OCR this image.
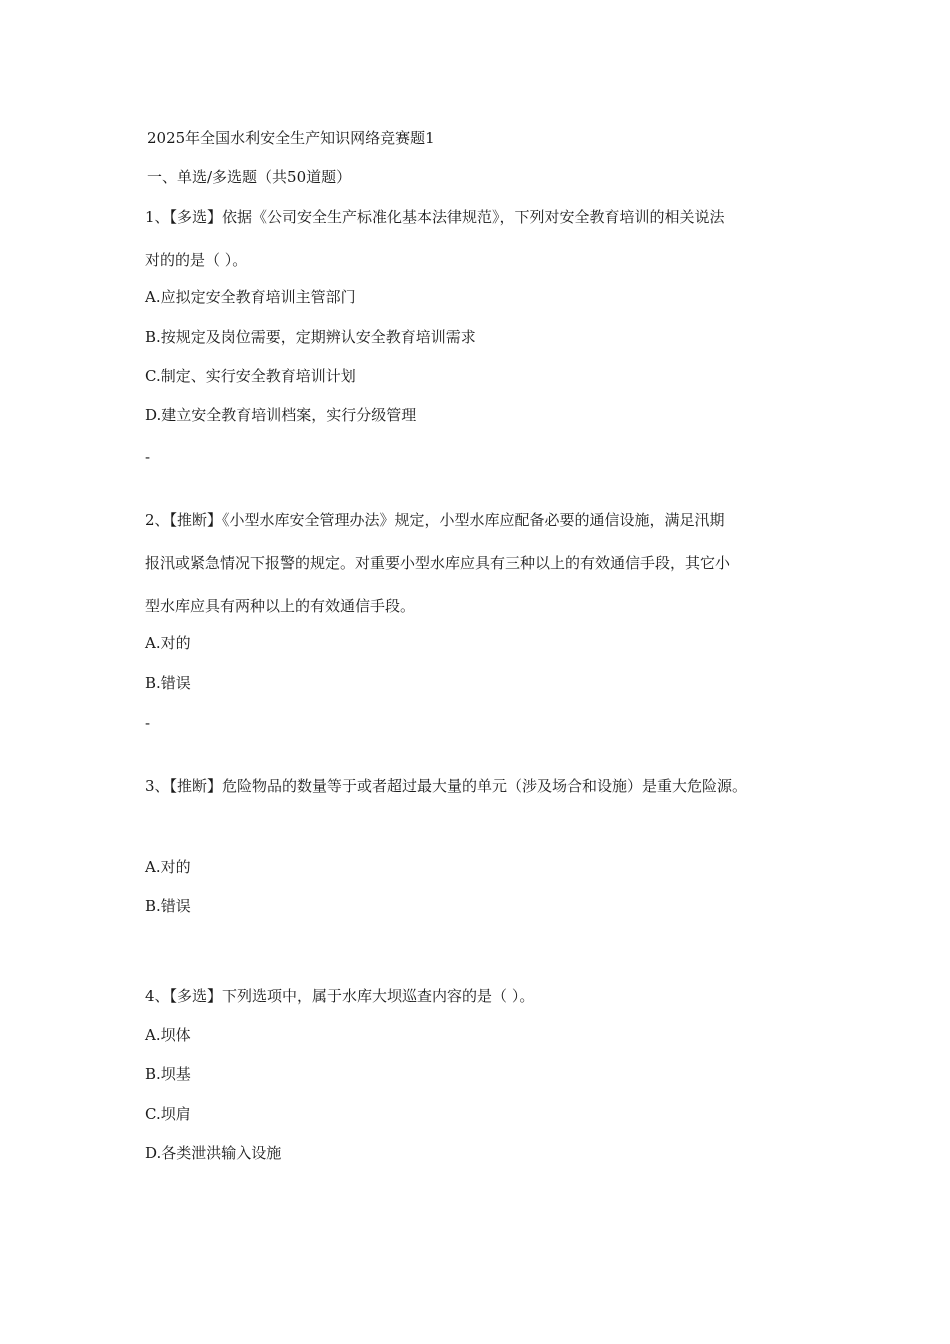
2025年全国水利安全生产知识网络竞赛题1
一、单选/多选题（共50道题）
1、【多选】依据《公司安全生产标准化基本法律规范》，下列对安全教育培训的相关说法
对的的是（ ）。
A.应拟定安全教育培训主管部门
B.按规定及岗位需要，定期辨认安全教育培训需求
C.制定、实行安全教育培训计划
D.建立安全教育培训档案，实行分级管理
-
2、【推断】《小型水库安全管理办法》规定，小型水库应配备必要的通信设施，满足汛期
报汛或紧急情况下报警的规定。对重要小型水库应具有三种以上的有效通信手段，其它小
型水库应具有两种以上的有效通信手段。
A.对的
B.错误
-
3、【推断】危险物品的数量等于或者超过最大量的单元（涉及场合和设施）是重大危险源。
A.对的
B.错误
4、【多选】下列选项中，属于水库大坝巡查内容的是（ ）。
A.坝体
B.坝基
C.坝肩
D.各类泄洪输入设施
